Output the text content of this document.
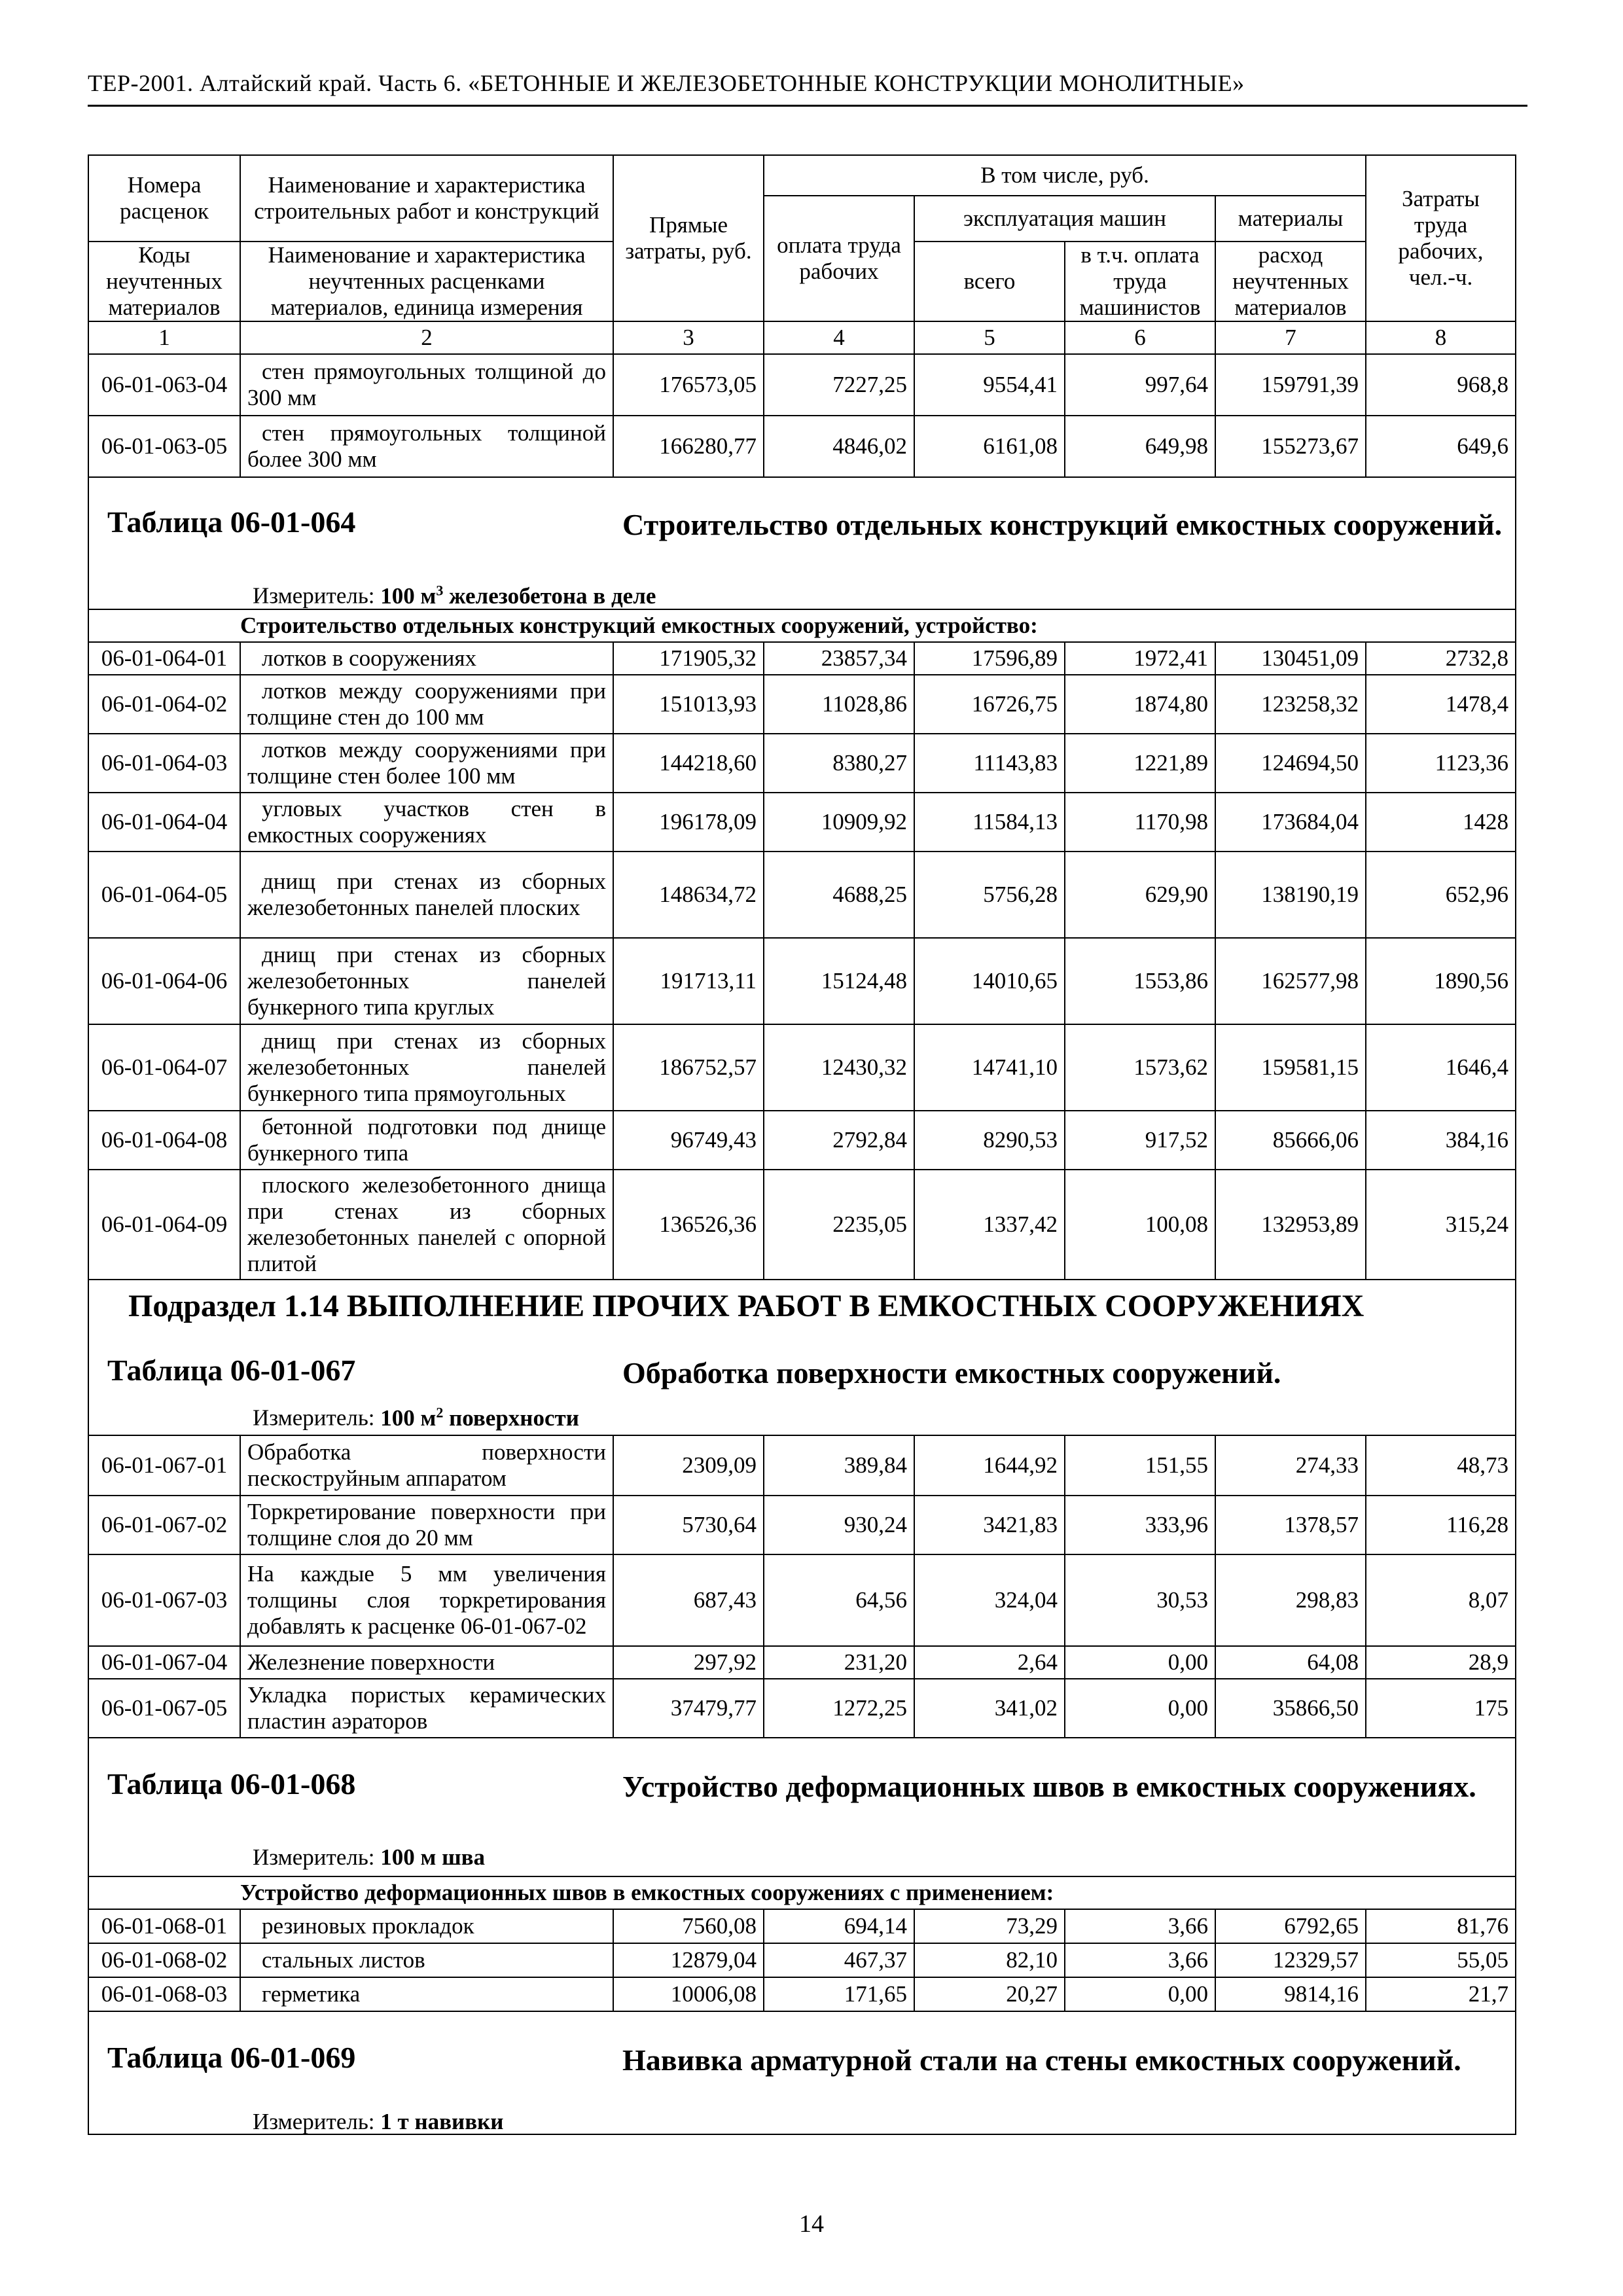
ТЕР-2001. Алтайский край. Часть 6. «БЕТОННЫЕ И ЖЕЛЕЗОБЕТОННЫЕ КОНСТРУКЦИИ МОНОЛИТНЫЕ»
Номера расценок	Наименование и характеристика строительных работ и конструкций	Прямые затраты, руб.	В том числе, руб.				Затраты труда рабочих, чел.-ч.
			оплата труда рабочих	эксплуатация машин		материалы	
Коды неучтенных материалов	Наименование и характеристика неучтенных расценками материалов, единица измерения			всего	в т.ч. оплата труда машинистов	расход неучтенных материалов	
1	2	3	4	5	6	7	8
06-01-063-04	стен прямоугольных толщиной до 300 мм	176573,05	7227,25	9554,41	997,64	159791,39	968,8
06-01-063-05	стен прямоугольных толщиной более 300 мм	166280,77	4846,02	6161,08	649,98	155273,67	649,6

Таблица 06-01-064 Строительство отдельных конструкций емкостных сооружений.
Измеритель: 100 $м^3$ железобетона в деле							

	Строительство отдельных конструкций емкостных сооружений, устройство:						
06-01-064-01	лотков в сооружениях	171905,32	23857,34	17596,89	1972,41	130451,09	2732,8
06-01-064-02	лотков между сооружениями при толщине стен до 100 мм	151013,93	11028,86	16726,75	1874,80	123258,32	1478,4
06-01-064-03	лотков между сооружениями при толщине стен более 100 мм	144218,60	8380,27	11143,83	1221,89	124694,50	1123,36
06-01-064-04	угловых участков стен в емкостных сооружениях	196178,09	10909,92	11584,13	1170,98	173684,04	1428
06-01-064-05	днищ при стенах из сборных железобетонных панелей плоских	148634,72	4688,25	5756,28	629,90	138190,19	652,96
06-01-064-06	днищ при стенах из сборных железобетонных панелей бункерного типа круглых	191713,11	15124,48	14010,65	1553,86	162577,98	1890,56
06-01-064-07	днищ при стенах из сборных железобетонных панелей бункерного типа прямоугольных	186752,57	12430,32	14741,10	1573,62	159581,15	1646,4
06-01-064-08	бетонной подготовки под днище бункерного типа	96749,43	2792,84	8290,53	917,52	85666,06	384,16
06-01-064-09	плоского железобетонного днища при стенах из сборных железобетонных панелей с опорной плитой	136526,36	2235,05	1337,42	100,08	132953,89	315,24

Подраздел 1.14 ВЫПОЛНЕНИЕ ПРОЧИХ РАБОТ В ЕМКОСТНЫХ СООРУЖЕНИЯХ
Таблица 06-01-067 Обработка поверхности емкостных сооружений.
Измеритель: 100 $м^2$ поверхности							

06-01-067-01	Обработка поверхности пескоструйным аппаратом	2309,09	389,84	1644,92	151,55	274,33	48,73
06-01-067-02	Торкретирование поверхности при толщине слоя до 20 мм	5730,64	930,24	3421,83	333,96	1378,57	116,28
06-01-067-03	На каждые 5 мм увеличения толщины слоя торкретирования добавлять к расценке 06-01-067-02	687,43	64,56	324,04	30,53	298,83	8,07
06-01-067-04	Железнение поверхности	297,92	231,20	2,64	0,00	64,08	28,9
06-01-067-05	Укладка пористых керамических пластин аэраторов	37479,77	1272,25	341,02	0,00	35866,50	175

Таблица 06-01-068 Устройство деформационных швов в емкостных сооружениях.
Измеритель: 100 м шва							

	Устройство деформационных швов в емкостных сооружениях с применением:						
06-01-068-01	резиновых прокладок	7560,08	694,14	73,29	3,66	6792,65	81,76
06-01-068-02	стальных листов	12879,04	467,37	82,10	3,66	12329,57	55,05
06-01-068-03	герметика	10006,08	171,65	20,27	0,00	9814,16	21,7

Таблица 06-01-069 Навивка арматурной стали на стены емкостных сооружений.
Измеритель: 1 т навивки							
14
